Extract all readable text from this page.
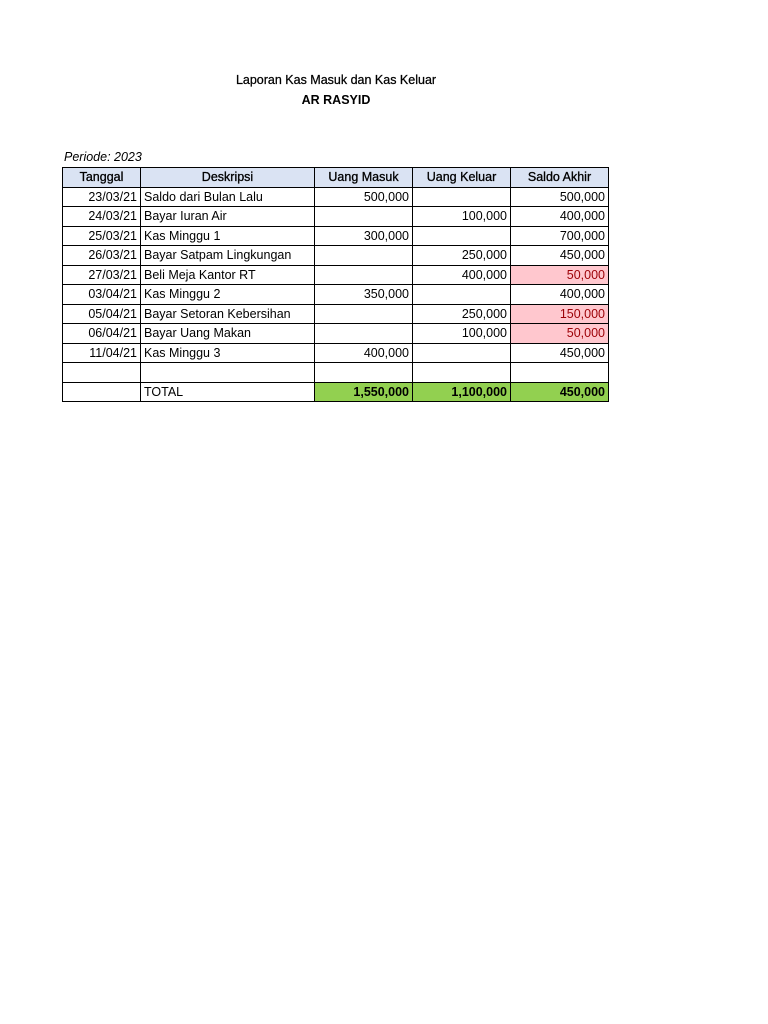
Laporan Kas Masuk dan Kas Keluar
AR RASYID
Periode: 2023
Tanggal	Deskripsi	Uang Masuk	Uang Keluar	Saldo Akhir
23/03/21	Saldo dari Bulan Lalu	500,000		500,000
24/03/21	Bayar Iuran Air		100,000	400,000
25/03/21	Kas Minggu 1	300,000		700,000
26/03/21	Bayar Satpam Lingkungan		250,000	450,000
27/03/21	Beli Meja Kantor RT		400,000	50,000
03/04/21	Kas Minggu 2	350,000		400,000
05/04/21	Bayar Setoran Kebersihan		250,000	150,000
06/04/21	Bayar Uang Makan		100,000	50,000
11/04/21	Kas Minggu 3	400,000		450,000

	TOTAL	1,550,000	1,100,000	450,000
